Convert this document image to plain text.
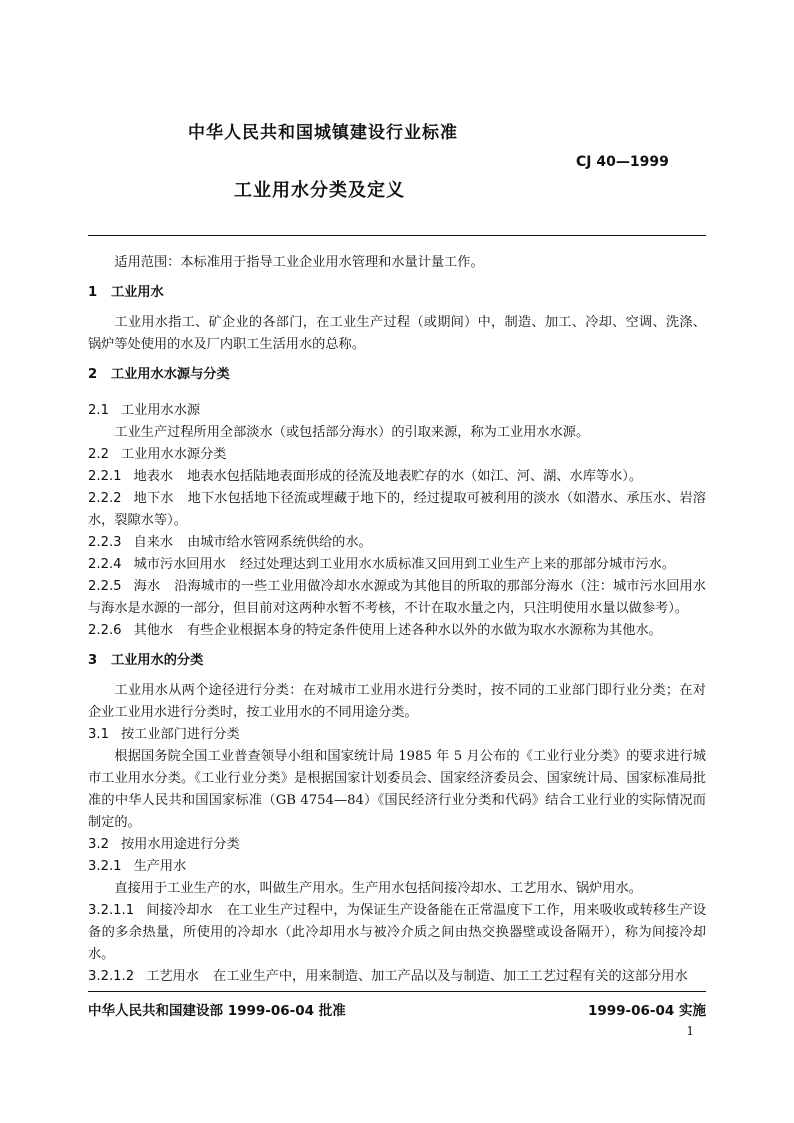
中华人民共和国城镇建设行业标准
CJ 40—1999
工业用水分类及定义

适用范围：本标准用于指导工业企业用水管理和水量计量工作。

1 工业用水

工业用水指工、矿企业的各部门，在工业生产过程（或期间）中，制造、加工、冷却、空调、洗涤、锅炉等处使用的水及厂内职工生活用水的总称。

2 工业用水水源与分类

2.1 工业用水水源

工业生产过程所用全部淡水（或包括部分海水）的引取来源，称为工业用水水源。

2.2 工业用水水源分类

2.2.1 地表水 地表水包括陆地表面形成的径流及地表贮存的水（如江、河、湖、水库等水）。

2.2.2 地下水 地下水包括地下径流或埋藏于地下的，经过提取可被利用的淡水（如潜水、承压水、岩溶水，裂隙水等）。

2.2.3 自来水 由城市给水管网系统供给的水。

2.2.4 城市污水回用水 经过处理达到工业用水水质标准又回用到工业生产上来的那部分城市污水。

2.2.5 海水 沿海城市的一些工业用做冷却水水源或为其他目的所取的那部分海水（注：城市污水回用水与海水是水源的一部分，但目前对这两种水暂不考核，不计在取水量之内，只注明使用水量以做参考）。

2.2.6 其他水 有些企业根据本身的特定条件使用上述各种水以外的水做为取水水源称为其他水。

3 工业用水的分类

工业用水从两个途径进行分类：在对城市工业用水进行分类时，按不同的工业部门即行业分类；在对企业工业用水进行分类时，按工业用水的不同用途分类。

3.1 按工业部门进行分类

根据国务院全国工业普查领导小组和国家统计局 1985 年 5 月公布的《工业行业分类》的要求进行城市工业用水分类。《工业行业分类》是根据国家计划委员会、国家经济委员会、国家统计局、国家标准局批准的中华人民共和国国家标准（GB 4754—84）《国民经济行业分类和代码》结合工业行业的实际情况而制定的。

3.2 按用水用途进行分类

3.2.1 生产用水

直接用于工业生产的水，叫做生产用水。生产用水包括间接冷却水、工艺用水、锅炉用水。

3.2.1.1 间接冷却水 在工业生产过程中，为保证生产设备能在正常温度下工作，用来吸收或转移生产设备的多余热量，所使用的冷却水（此冷却用水与被冷介质之间由热交换器壁或设备隔开），称为间接冷却水。

3.2.1.2 工艺用水 在工业生产中，用来制造、加工产品以及与制造、加工工艺过程有关的这部分用水

中华人民共和国建设部 1999-06-04 批准	1999-06-04 实施
1
